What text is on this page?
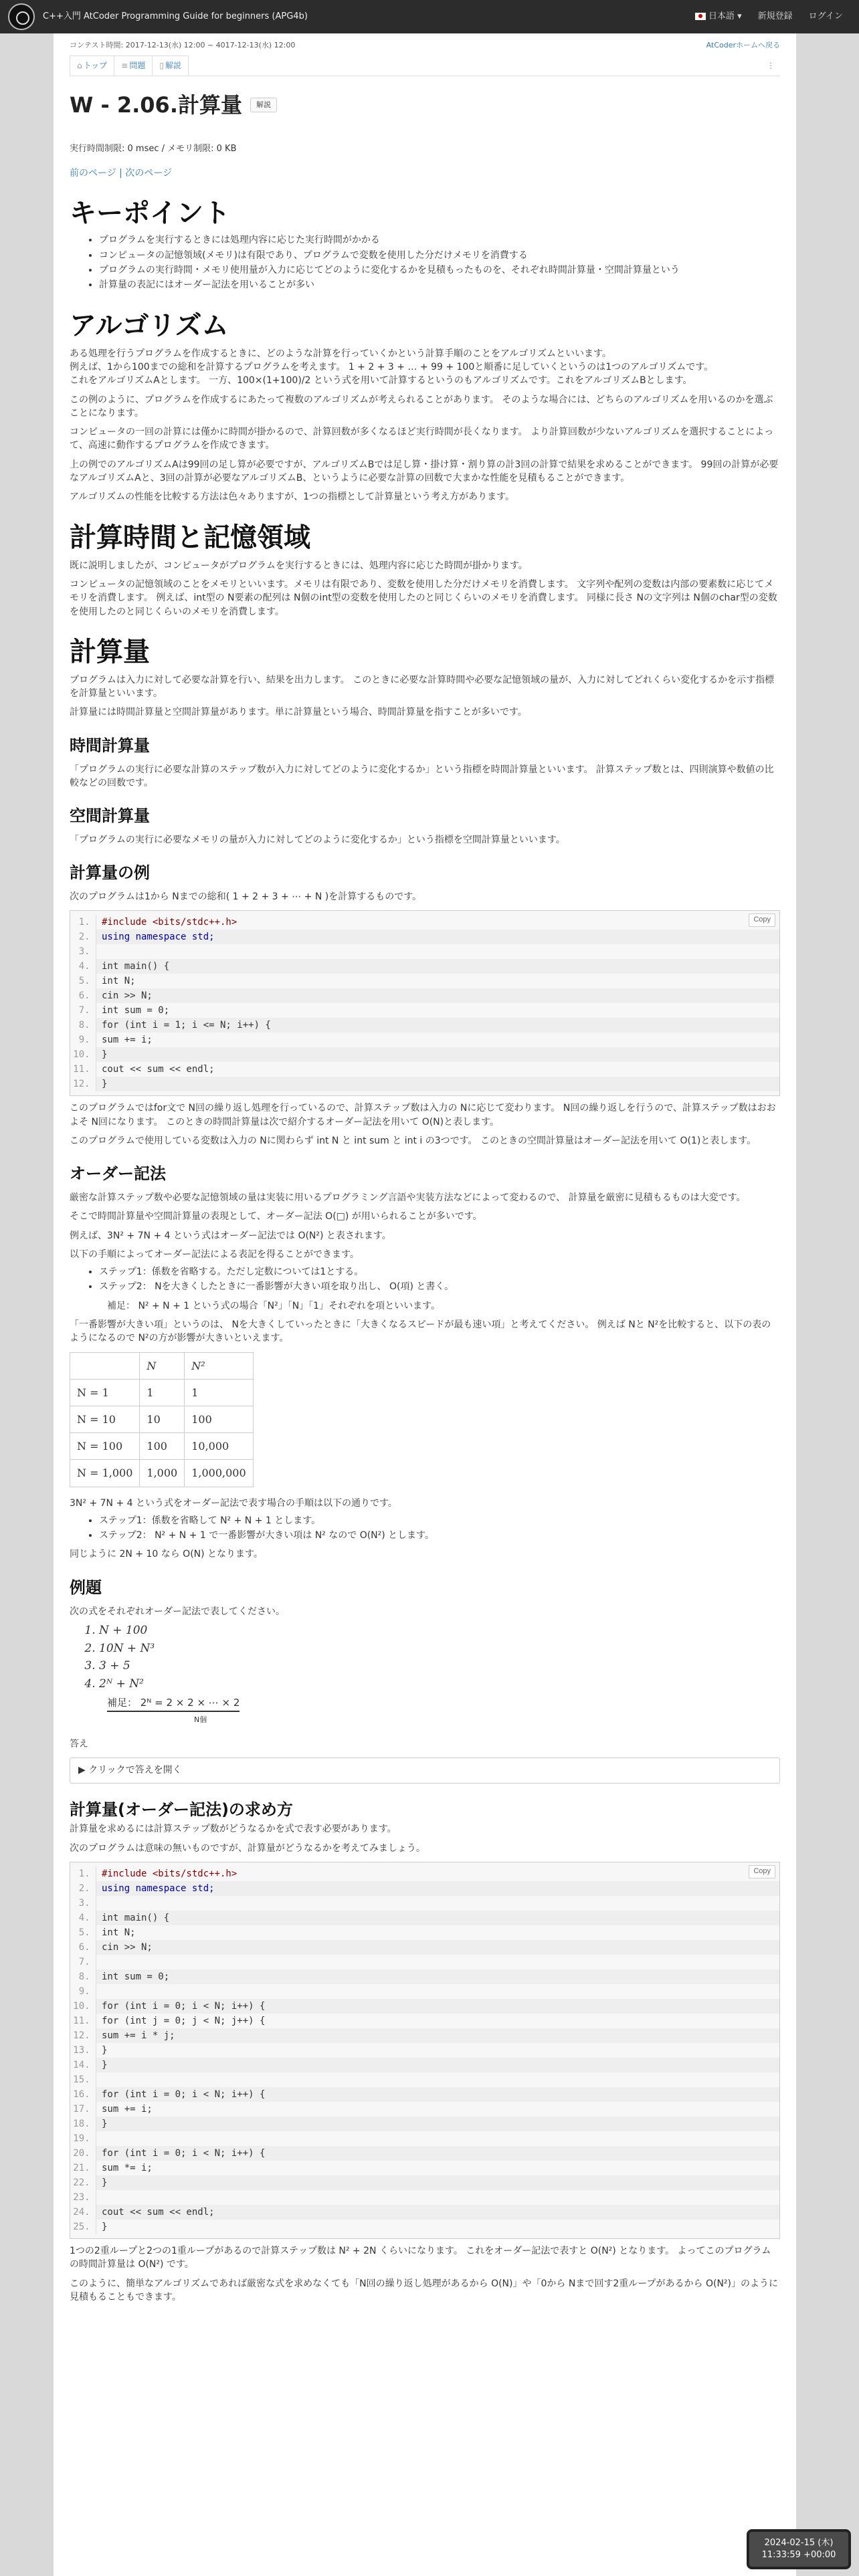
C++入門 AtCoder Programming Guide for beginners (APG4b)	日本語 ▾ 新規登録 ログイン
コンテスト時間: 2017-12-13(水) 12:00 ~ 4017-12-13(水) 12:00	AtCoderホームへ戻る
⌂ トップ	≡ 問題	▯ 解説	⋮
W - 2.06.計算量	解説
実行時間制限: 0 msec / メモリ制限: 0 KB
前のページ | 次のページ
キーポイント
• プログラムを実行するときには処理内容に応じた実行時間がかかる
• コンピュータの記憶領域(メモリ)は有限であり、プログラムで変数を使用した分だけメモリを消費する
• プログラムの実行時間・メモリ使用量が入力に応じてどのように変化するかを見積もったものを、それぞれ時間計算量・空間計算量という
• 計算量の表記にはオーダー記法を用いることが多い
アルゴリズム

ある処理を行うプログラムを作成するときに、どのような計算を行っていくかという計算手順のことをアルゴリズムといいます。

例えば、1から100までの総和を計算するプログラムを考えます。 1 + 2 + 3 + … + 99 + 100と順番に足していくというのは1つのアルゴリズムです。

これをアルゴリズムAとします。 一方、100×(1+100)/2 という式を用いて計算するというのもアルゴリズムです。これをアルゴリズムBとします。

この例のように、プログラムを作成するにあたって複数のアルゴリズムが考えられることがあります。 そのような場合には、どちらのアルゴリズムを用いるのかを選ぶことになります。

コンピュータの一回の計算には僅かに時間が掛かるので、計算回数が多くなるほど実行時間が長くなります。 より計算回数が少ないアルゴリズムを選択することによって、高速に動作するプログラムを作成できます。

上の例でのアルゴリズムAは99回の足し算が必要ですが、アルゴリズムBでは足し算・掛け算・割り算の計3回の計算で結果を求めることができます。 99回の計算が必要なアルゴリズムAと、3回の計算が必要なアルゴリズムB、というように必要な計算の回数で大まかな性能を見積もることができます。

アルゴリズムの性能を比較する方法は色々ありますが、1つの指標として計算量という考え方があります。

計算時間と記憶領域

既に説明しましたが、コンピュータがプログラムを実行するときには、処理内容に応じた時間が掛かります。

コンピュータの記憶領域のことをメモリといいます。メモリは有限であり、変数を使用した分だけメモリを消費します。 文字列や配列の変数は内部の要素数に応じてメモリを消費します。 例えば、int型の N要素の配列は N個のint型の変数を使用したのと同じくらいのメモリを消費します。 同様に長さ Nの文字列は N個のchar型の変数を使用したのと同じくらいのメモリを消費します。

計算量

プログラムは入力に対して必要な計算を行い、結果を出力します。 このときに必要な計算時間や必要な記憶領域の量が、入力に対してどれくらい変化するかを示す指標を計算量といいます。

計算量には時間計算量と空間計算量があります。単に計算量という場合、時間計算量を指すことが多いです。

時間計算量

「プログラムの実行に必要な計算のステップ数が入力に対してどのように変化するか」という指標を時間計算量といいます。 計算ステップ数とは、四則演算や数値の比較などの回数です。

空間計算量

「プログラムの実行に必要なメモリの量が入力に対してどのように変化するか」という指標を空間計算量といいます。

計算量の例

次のプログラムは1から Nまでの総和( 1 + 2 + 3 + ⋯ + N )を計算するものです。

Copy
1. #include <bits/stdc++.h>
2. using namespace std;
3.
4. int main() {
5. int N;
6. cin >> N;
7. int sum = 0;
8. for (int i = 1; i <= N; i++) {
9. sum += i;
10. }
11. cout << sum << endl;
12. }

このプログラムではfor文で N回の繰り返し処理を行っているので、計算ステップ数は入力の Nに応じて変わります。 N回の繰り返しを行うので、計算ステップ数はおおよそ N回になります。 このときの時間計算量は次で紹介するオーダー記法を用いて O(N)と表します。

このプログラムで使用している変数は入力の Nに関わらず int N と int sum と int i の3つです。 このときの空間計算量はオーダー記法を用いて O(1)と表します。

オーダー記法

厳密な計算ステップ数や必要な記憶領域の量は実装に用いるプログラミング言語や実装方法などによって変わるので、 計算量を厳密に見積もるものは大変です。

そこで時間計算量や空間計算量の表現として、オーダー記法 O(□) が用いられることが多いです。

例えば、3N² + 7N + 4 という式はオーダー記法では O(N²) と表されます。

以下の手順によってオーダー記法による表記を得ることができます。

• ステップ1：係数を省略する。ただし定数については1とする。
• ステップ2： Nを大きくしたときに一番影響が大きい項を取り出し、 O(項) と書く。

補足： N² + N + 1 という式の場合「N²」「N」「1」それぞれを項といいます。

「一番影響が大きい項」というのは、 Nを大きくしていったときに「大きくなるスピードが最も速い項」と考えてください。 例えば Nと N²を比較すると、以下の表のようになるので N²の方が影響が大きいといえます。

	N	N²
N = 1	1	1
N = 10	10	100
N = 100	100	10,000
N = 1,000	1,000	1,000,000

3N² + 7N + 4 という式をオーダー記法で表す場合の手順は以下の通りです。

• ステップ1：係数を省略して N² + N + 1 とします。
• ステップ2： N² + N + 1 で一番影響が大きい項は N² なので O(N²) とします。

同じように 2N + 10 なら O(N) となります。

例題

次の式をそれぞれオーダー記法で表してください。

1. N + 100
2. 10N + N³
3. 3 + 5
4. 2ᴺ + N²
補足： 2ᴺ = 2 × 2 × ⋯ × 2
N個

答え

▶ クリックで答えを開く
計算量(オーダー記法)の求め方

計算量を求めるには計算ステップ数がどうなるかを式で表す必要があります。

次のプログラムは意味の無いものですが、計算量がどうなるかを考えてみましょう。

Copy
1. #include <bits/stdc++.h>
2. using namespace std;
3.
4. int main() {
5. int N;
6. cin >> N;
7.
8. int sum = 0;
9.
10. for (int i = 0; i < N; i++) {
11. for (int j = 0; j < N; j++) {
12. sum += i * j;
13. }
14. }
15.
16. for (int i = 0; i < N; i++) {
17. sum += i;
18. }
19.
20. for (int i = 0; i < N; i++) {
21. sum *= i;
22. }
23.
24. cout << sum << endl;
25. }

1つの2重ループと2つの1重ループがあるので計算ステップ数は N² + 2N くらいになります。 これをオーダー記法で表すと O(N²) となります。 よってこのプログラムの時間計算量は O(N²) です。

このように、簡単なアルゴリズムであれば厳密な式を求めなくても「N回の繰り返し処理があるから O(N)」や「0から Nまで回す2重ループがあるから O(N²)」のように見積もることもできます。

2024-02-15 (木)
11:33:59 +00:00
